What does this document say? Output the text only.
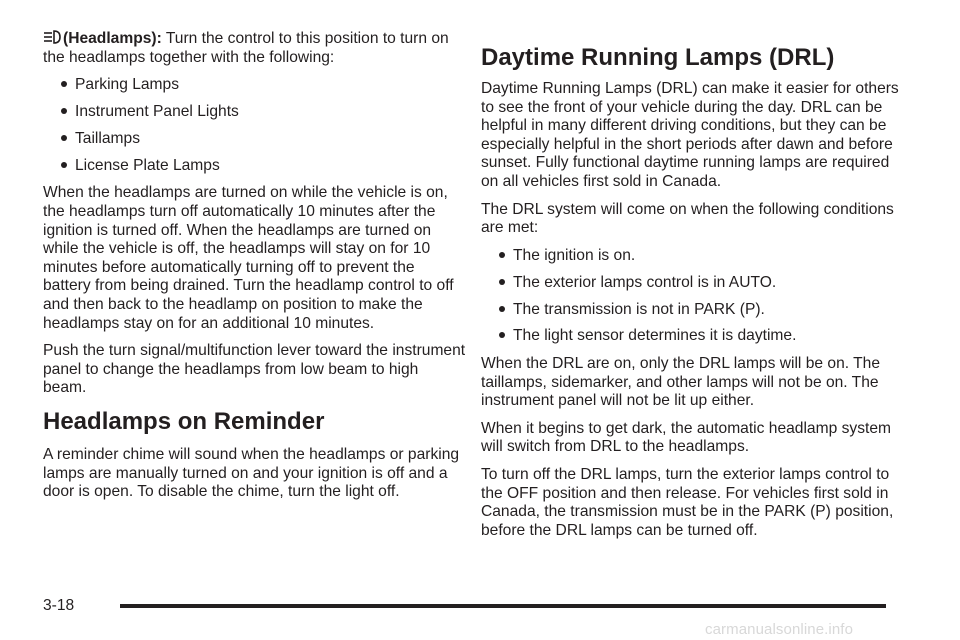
(Headlamps): Turn the control to this position to turn on the headlamps together with the following:

Parking Lamps
Instrument Panel Lights
Taillamps
License Plate Lamps

When the headlamps are turned on while the vehicle is on, the headlamps turn off automatically 10 minutes after the ignition is turned off. When the headlamps are turned on while the vehicle is off, the headlamps will stay on for 10 minutes before automatically turning off to prevent the battery from being drained. Turn the headlamp control to off and then back to the headlamp on position to make the headlamps stay on for an additional 10 minutes.

Push the turn signal/multifunction lever toward the instrument panel to change the headlamps from low beam to high beam.

Headlamps on Reminder

A reminder chime will sound when the headlamps or parking lamps are manually turned on and your ignition is off and a door is open. To disable the chime, turn the light off.

Daytime Running Lamps (DRL)

Daytime Running Lamps (DRL) can make it easier for others to see the front of your vehicle during the day. DRL can be helpful in many different driving conditions, but they can be especially helpful in the short periods after dawn and before sunset. Fully functional daytime running lamps are required on all vehicles first sold in Canada.

The DRL system will come on when the following conditions are met:

The ignition is on.
The exterior lamps control is in AUTO.
The transmission is not in PARK (P).
The light sensor determines it is daytime.

When the DRL are on, only the DRL lamps will be on. The taillamps, sidemarker, and other lamps will not be on. The instrument panel will not be lit up either.

When it begins to get dark, the automatic headlamp system will switch from DRL to the headlamps.

To turn off the DRL lamps, turn the exterior lamps control to the OFF position and then release. For vehicles first sold in Canada, the transmission must be in the PARK (P) position, before the DRL lamps can be turned off.

3-18
carmanualsonline.info
